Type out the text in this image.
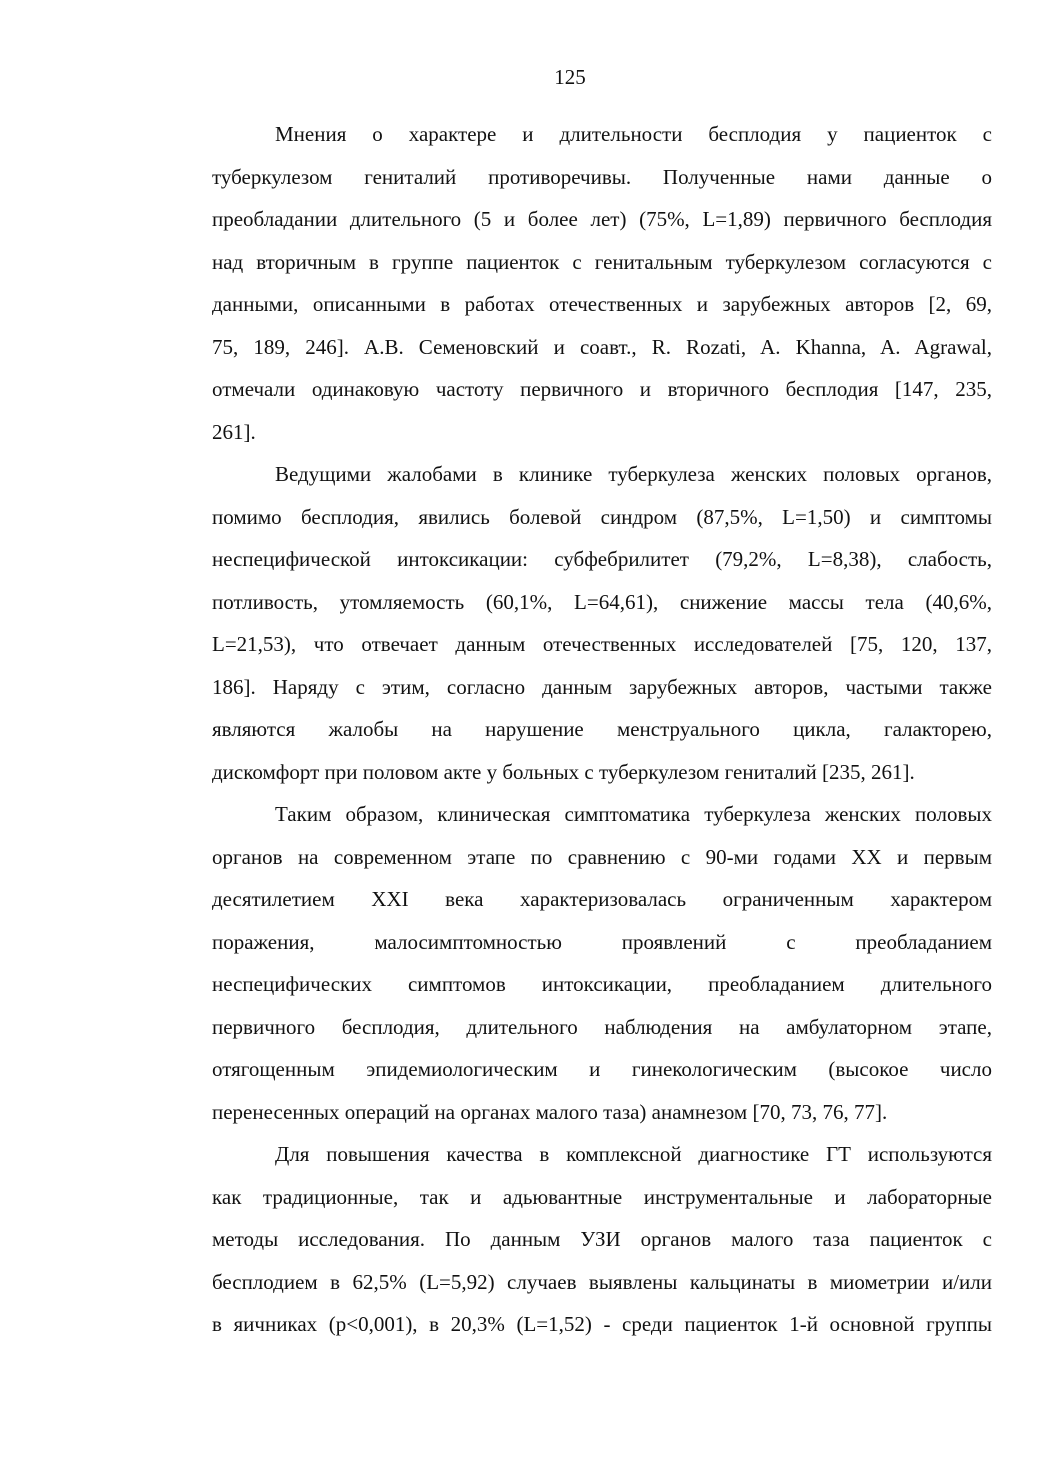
125
Мнения о характере и длительности бесплодия у пациенток с
туберкулезом гениталий противоречивы. Полученные нами данные о
преобладании длительного (5 и более лет) (75%, L=1,89) первичного бесплодия
над вторичным в группе пациенток с генитальным туберкулезом согласуются с
данными, описанными в работах отечественных и зарубежных авторов [2, 69,
75, 189, 246]. А.В. Семеновский и соавт., R. Rozati, A. Khanna, A. Agrawal,
отмечали одинаковую частоту первичного и вторичного бесплодия [147, 235,
261].
Ведущими жалобами в клинике туберкулеза женских половых органов,
помимо бесплодия, явились болевой синдром (87,5%, L=1,50) и симптомы
неспецифической интоксикации: субфебрилитет (79,2%, L=8,38), слабость,
потливость, утомляемость (60,1%, L=64,61), снижение массы тела (40,6%,
L=21,53), что отвечает данным отечественных исследователей [75, 120, 137,
186]. Наряду с этим, согласно данным зарубежных авторов, частыми также
являются жалобы на нарушение менструального цикла, галакторею,
дискомфорт при половом акте у больных с туберкулезом гениталий [235, 261].
Таким образом, клиническая симптоматика туберкулеза женских половых
органов на современном этапе по сравнению с 90-ми годами XX и первым
десятилетием XXI века характеризовалась ограниченным характером
поражения, малосимптомностью проявлений с преобладанием
неспецифических симптомов интоксикации, преобладанием длительного
первичного бесплодия, длительного наблюдения на амбулаторном этапе,
отягощенным эпидемиологическим и гинекологическим (высокое число
перенесенных операций на органах малого таза) анамнезом [70, 73, 76, 77].
Для повышения качества в комплексной диагностике ГТ используются
как традиционные, так и адьювантные инструментальные и лабораторные
методы исследования. По данным УЗИ органов малого таза пациенток с
бесплодием в 62,5% (L=5,92) случаев выявлены кальцинаты в миометрии и/или
в яичниках (p<0,001), в 20,3% (L=1,52) - среди пациенток 1-й основной группы
